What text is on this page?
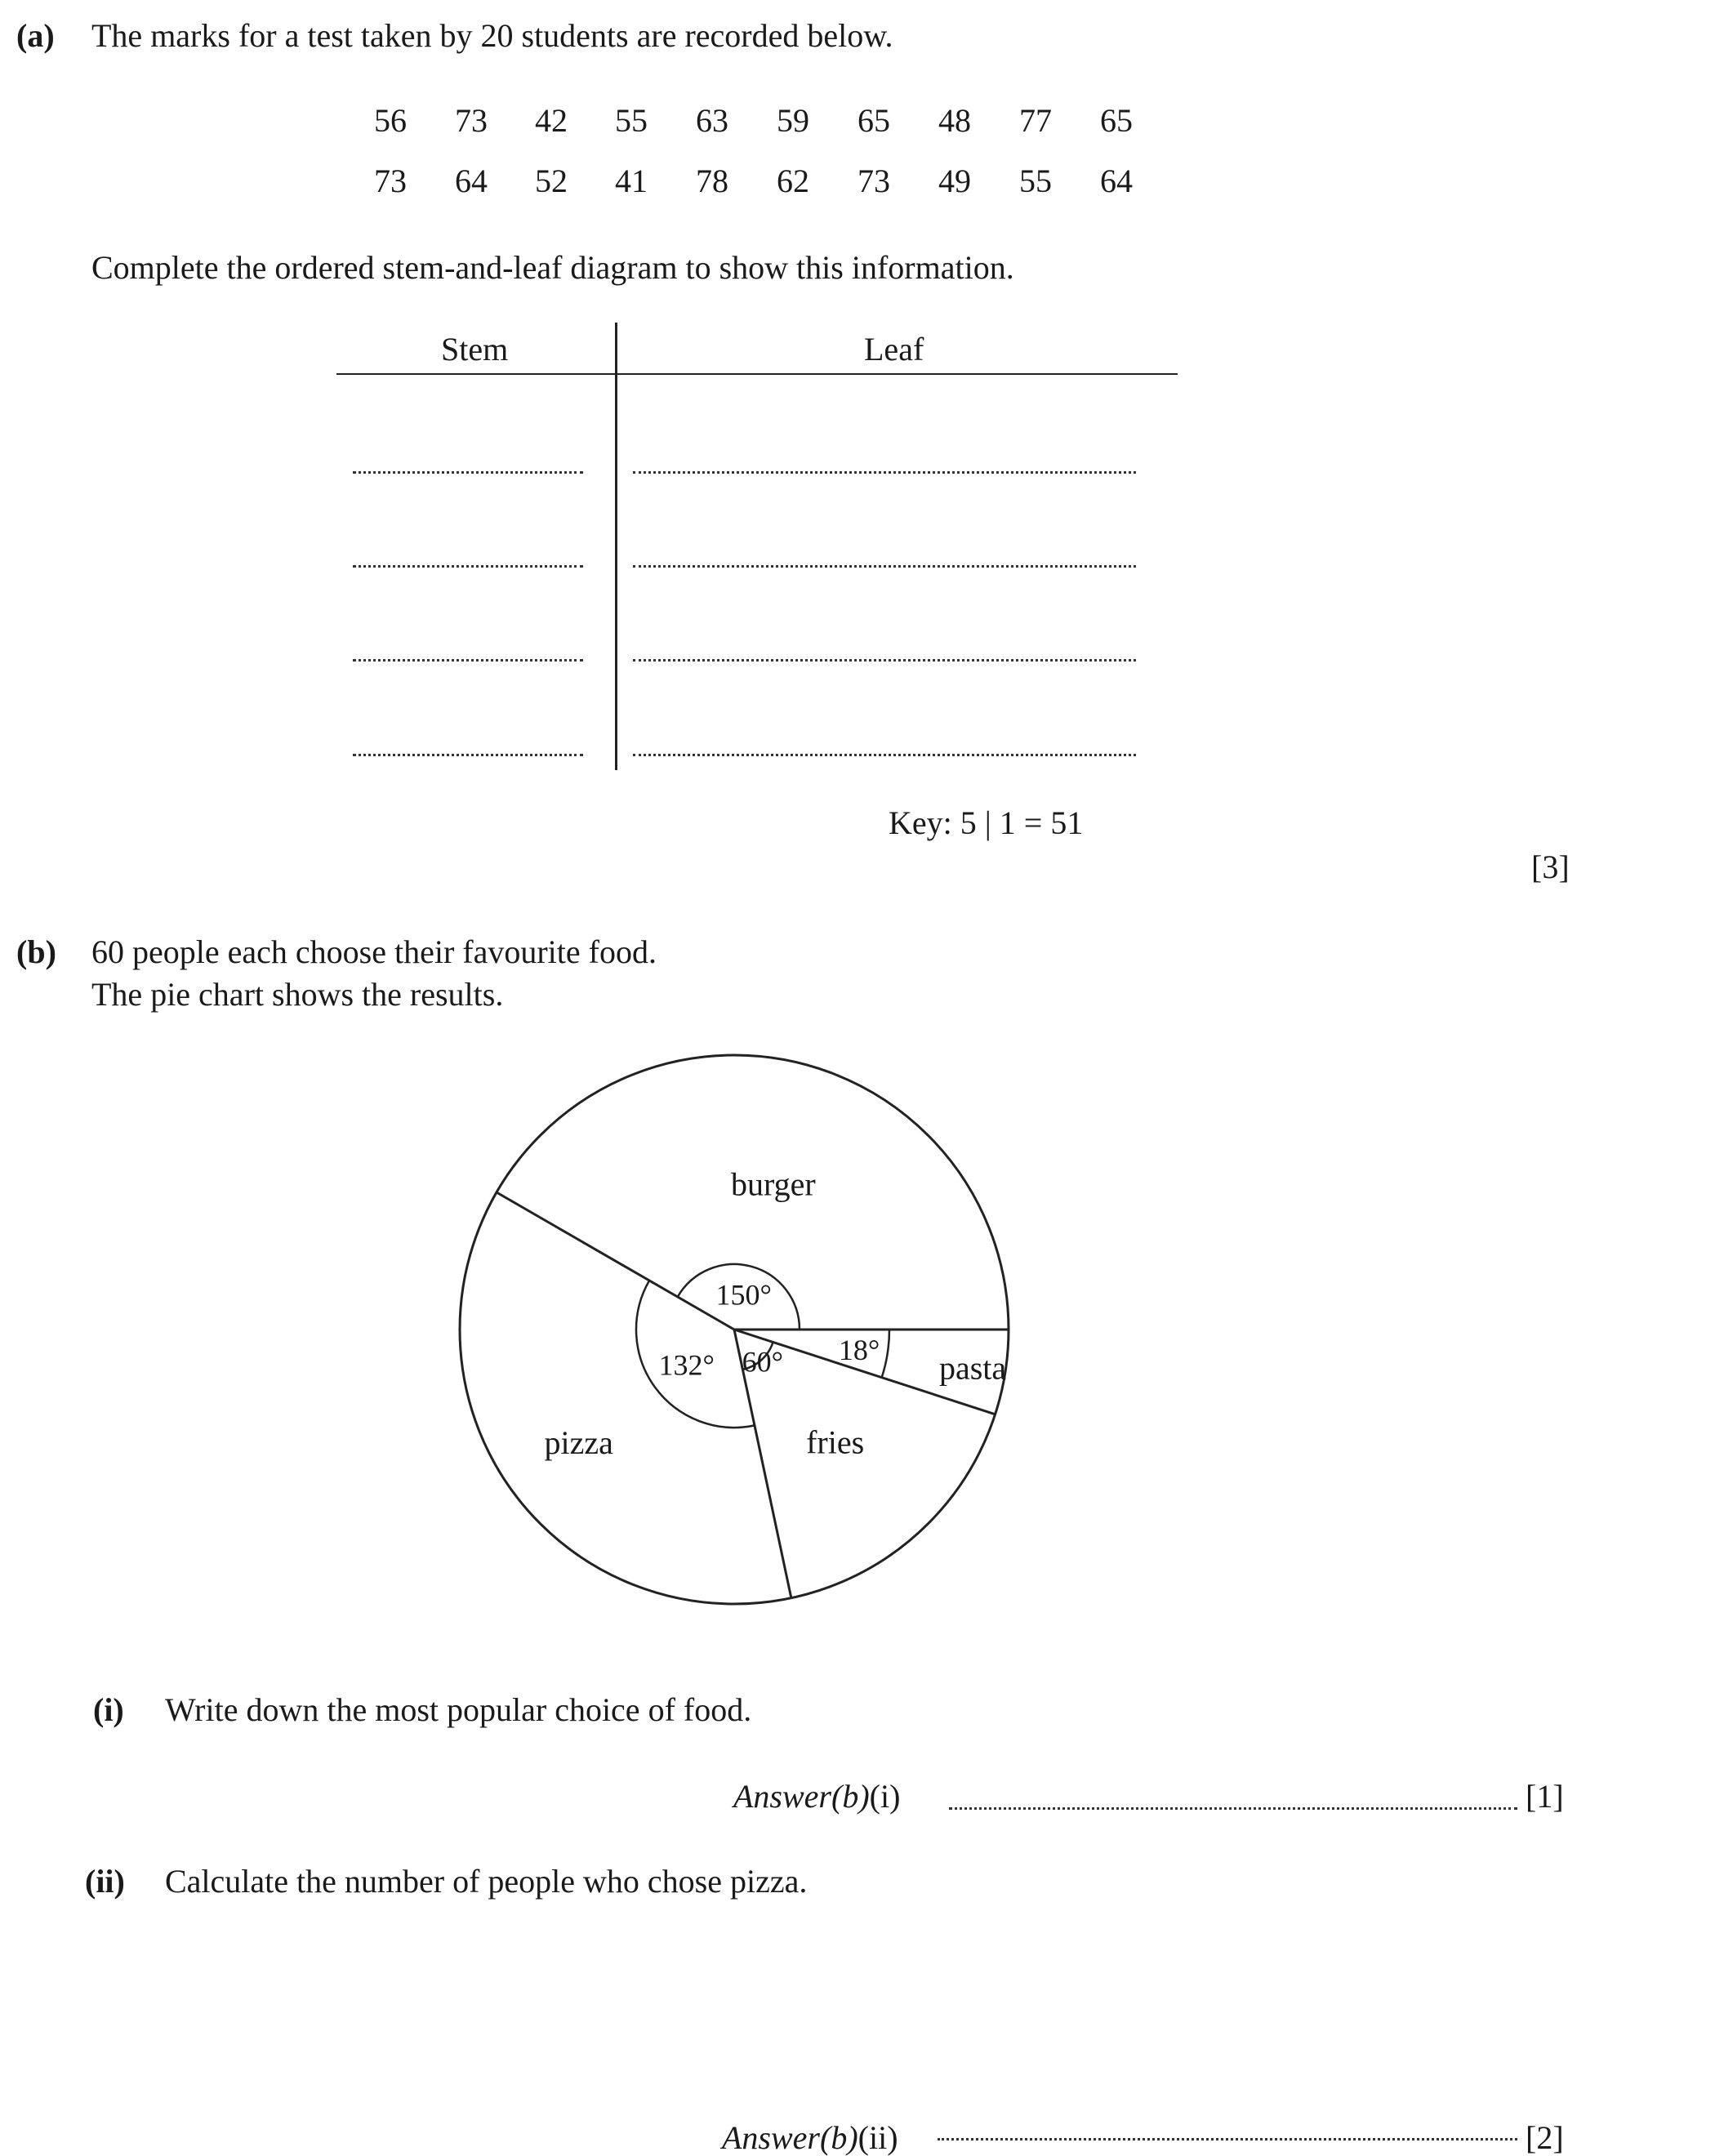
(a) The marks for a test taken by 20 students are recorded below.
56	73	42	55	63	59	65	48	77	65
73	64	52	41	78	62	73	49	55	64
Complete the ordered stem-and-leaf diagram to show this information.
Stem	Leaf
Key: 5 | 1 = 51
[3]
(b) 60 people each choose their favourite food.
The pie chart shows the results.
burger
pizza	fries
pasta
150°
132° 60° 18°
(i) Write down the most popular choice of food.
Answer(b)(i)	[1]
(ii) Calculate the number of people who chose pizza.
Answer(b)(ii)	[2]
